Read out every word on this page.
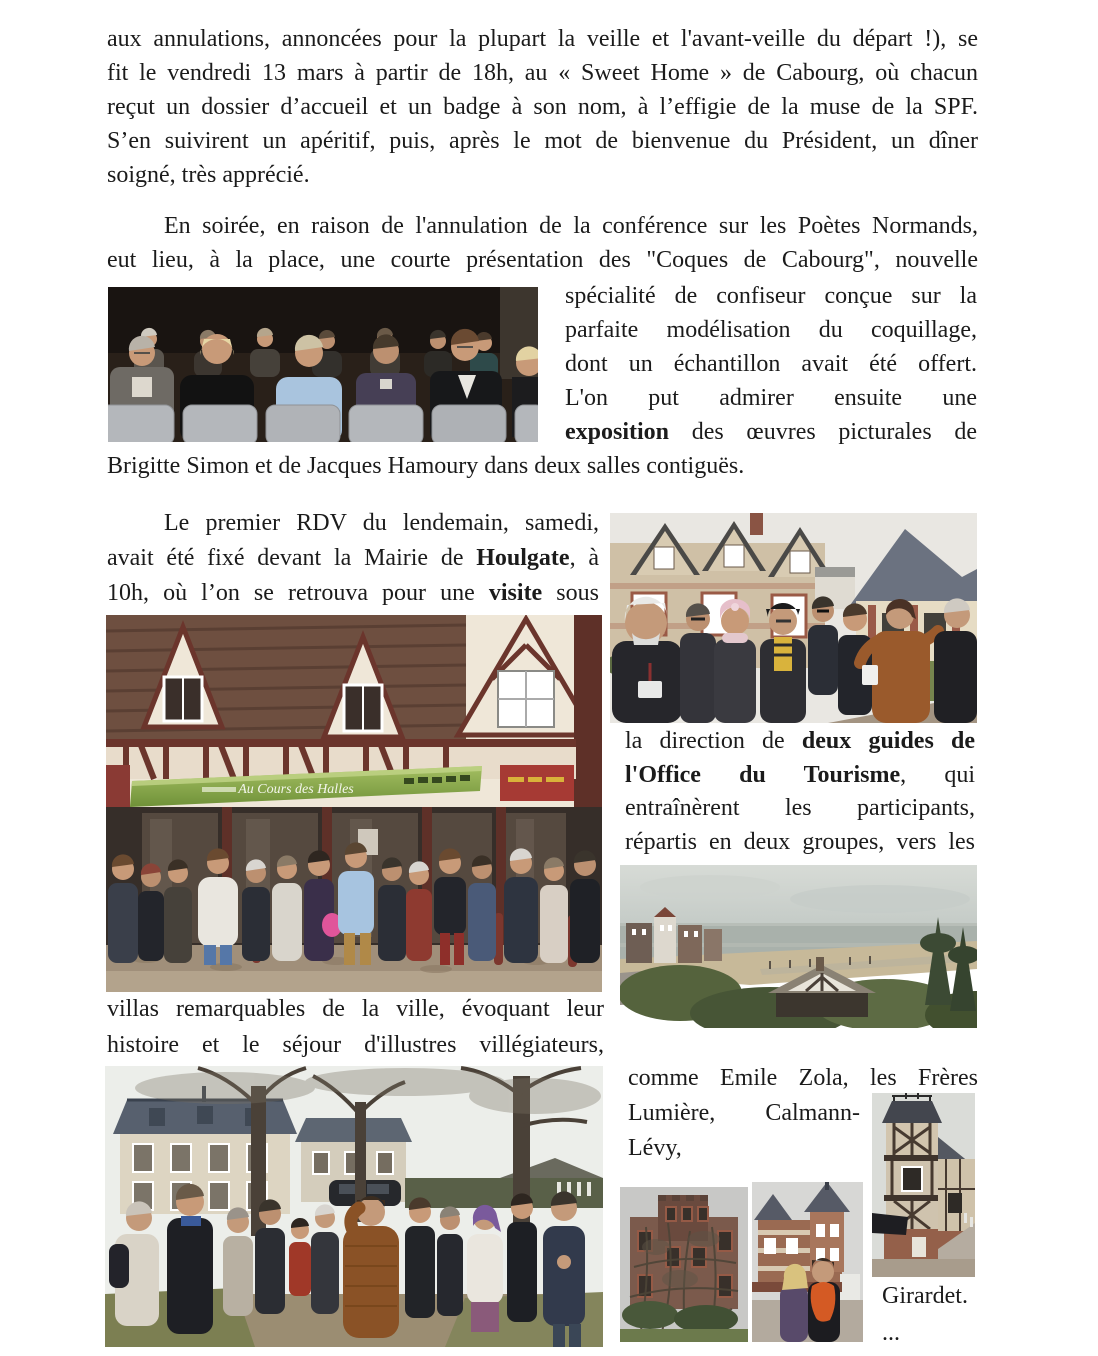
aux annulations, annoncées pour la plupart la veille et l'avant-veille du départ !), se
fit le vendredi 13 mars à partir de 18h, au « Sweet Home » de Cabourg, où chacun
reçut un dossier d’accueil et un badge à son nom, à l’effigie de la muse de la SPF.
S’en suivirent un apéritif, puis, après le mot de bienvenue du Président, un dîner
soigné, très apprécié.
En soirée, en raison de l'annulation de la conférence sur les Poètes Normands,
eut lieu, à la place, une courte présentation des "Coques de Cabourg", nouvelle
spécialité de confiseur conçue sur la
parfaite modélisation du coquillage,
dont un échantillon avait été offert.
L'on put admirer ensuite une
exposition des œuvres picturales de
Brigitte Simon et de Jacques Hamoury dans deux salles contiguës.
Le premier RDV du lendemain, samedi,
avait été fixé devant la Mairie de Houlgate, à
10h, où l’on se retrouva pour une visite sous
Au Cours des Halles
la direction de deux guides de
l'Office du Tourisme, qui
entraînèrent les participants,
répartis en deux groupes, vers les
villas remarquables de la ville, évoquant leur
histoire et le séjour d'illustres villégiateurs,
comme Emile Zola, les Frères
Lumière, Calmann-
Lévy,
Girardet.
...
